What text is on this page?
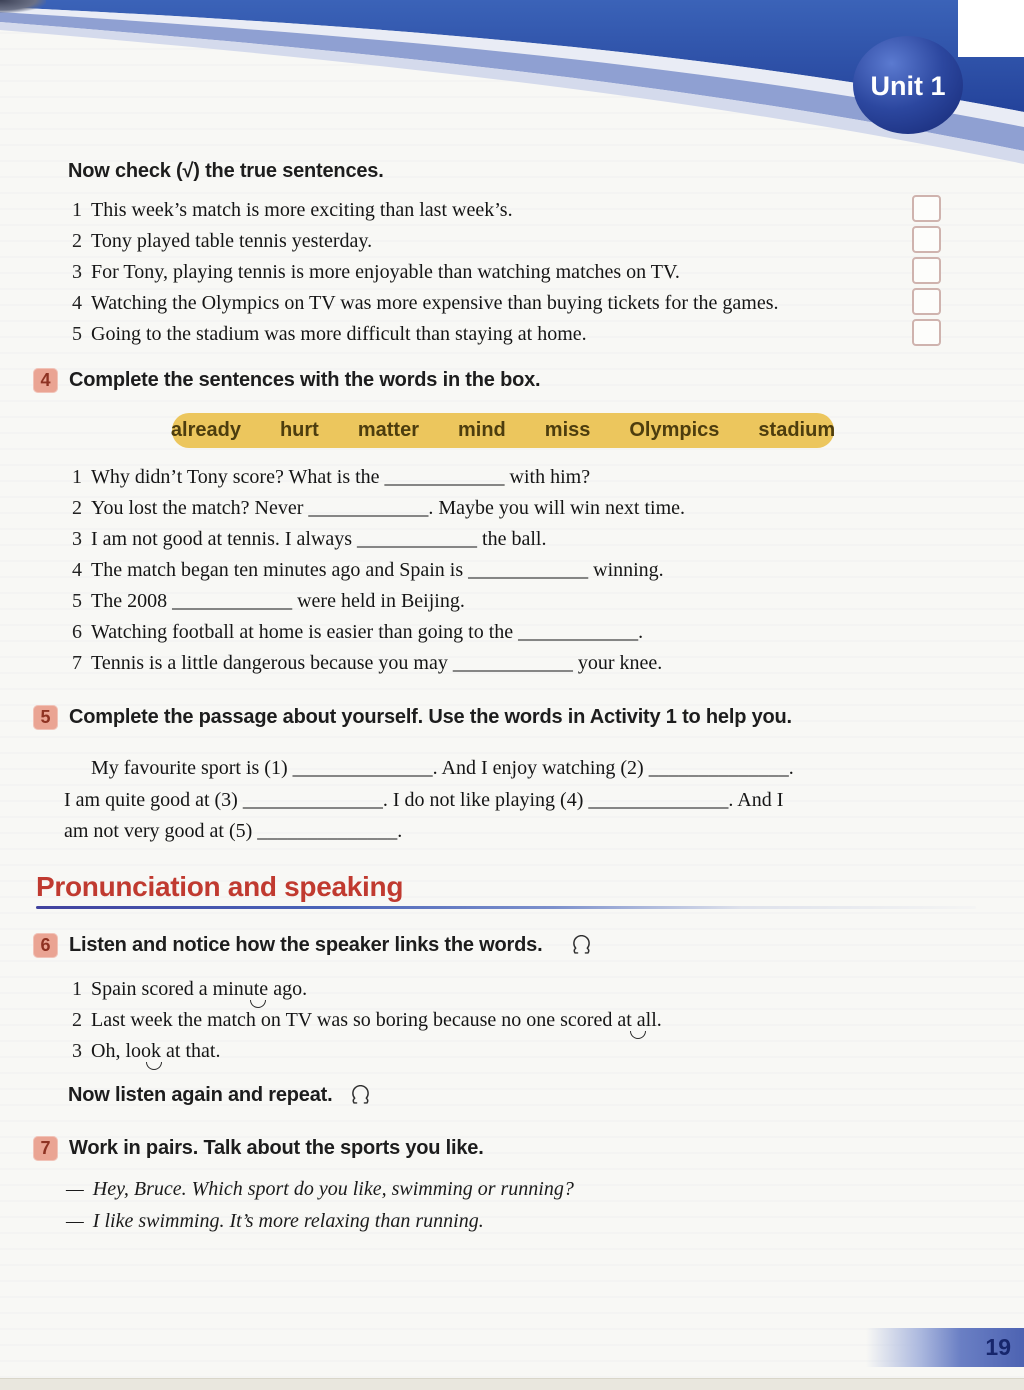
Unit 1
Now check (√) the true sentences.
1 This week’s match is more exciting than last week’s.
2 Tony played table tennis yesterday.
3 For Tony, playing tennis is more enjoyable than watching matches on TV.
4 Watching the Olympics on TV was more expensive than buying tickets for the games.
5 Going to the stadium was more difficult than staying at home.
4 Complete the sentences with the words in the box.
already hurt matter mind miss Olympics stadium
1 Why didn’t Tony score? What is the ____________ with him?
2 You lost the match? Never ____________. Maybe you will win next time.
3 I am not good at tennis. I always ____________ the ball.
4 The match began ten minutes ago and Spain is ____________ winning.
5 The 2008 ____________ were held in Beijing.
6 Watching football at home is easier than going to the ____________.
7 Tennis is a little dangerous because you may ____________ your knee.
5 Complete the passage about yourself. Use the words in Activity 1 to help you.
My favourite sport is (1) ______________. And I enjoy watching (2) ______________.
I am quite good at (3) ______________. I do not like playing (4) ______________. And I
am not very good at (5) ______________.
Pronunciation and speaking
6 Listen and notice how the speaker links the words.
1 Spain scored a minute ago.
2 Last week the match on TV was so boring because no one scored at all.
3 Oh, look at that.
Now listen again and repeat.
7 Work in pairs. Talk about the sports you like.
— Hey, Bruce. Which sport do you like, swimming or running?
— I like swimming. It’s more relaxing than running.
19
